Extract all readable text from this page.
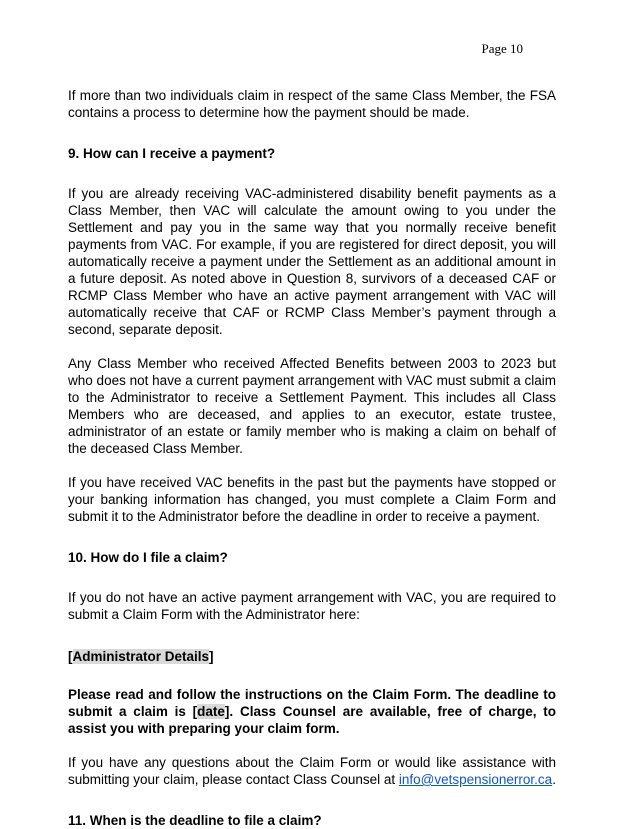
Page 10

If more than two individuals claim in respect of the same Class Member, the FSA contains a process to determine how the payment should be made.

9. How can I receive a payment?

If you are already receiving VAC-administered disability benefit payments as a Class Member, then VAC will calculate the amount owing to you under the Settlement and pay you in the same way that you normally receive benefit payments from VAC. For example, if you are registered for direct deposit, you will automatically receive a payment under the Settlement as an additional amount in a future deposit. As noted above in Question 8, survivors of a deceased CAF or RCMP Class Member who have an active payment arrangement with VAC will automatically receive that CAF or RCMP Class Member’s payment through a second, separate deposit.

Any Class Member who received Affected Benefits between 2003 to 2023 but who does not have a current payment arrangement with VAC must submit a claim to the Administrator to receive a Settlement Payment. This includes all Class Members who are deceased, and applies to an executor, estate trustee, administrator of an estate or family member who is making a claim on behalf of the deceased Class Member.

If you have received VAC benefits in the past but the payments have stopped or your banking information has changed, you must complete a Claim Form and submit it to the Administrator before the deadline in order to receive a payment.

10. How do I file a claim?

If you do not have an active payment arrangement with VAC, you are required to submit a Claim Form with the Administrator here:

[Administrator Details]

Please read and follow the instructions on the Claim Form. The deadline to submit a claim is [date]. Class Counsel are available, free of charge, to assist you with preparing your claim form.

If you have any questions about the Claim Form or would like assistance with submitting your claim, please contact Class Counsel at info@vetspensionerror.ca.

11. When is the deadline to file a claim?
